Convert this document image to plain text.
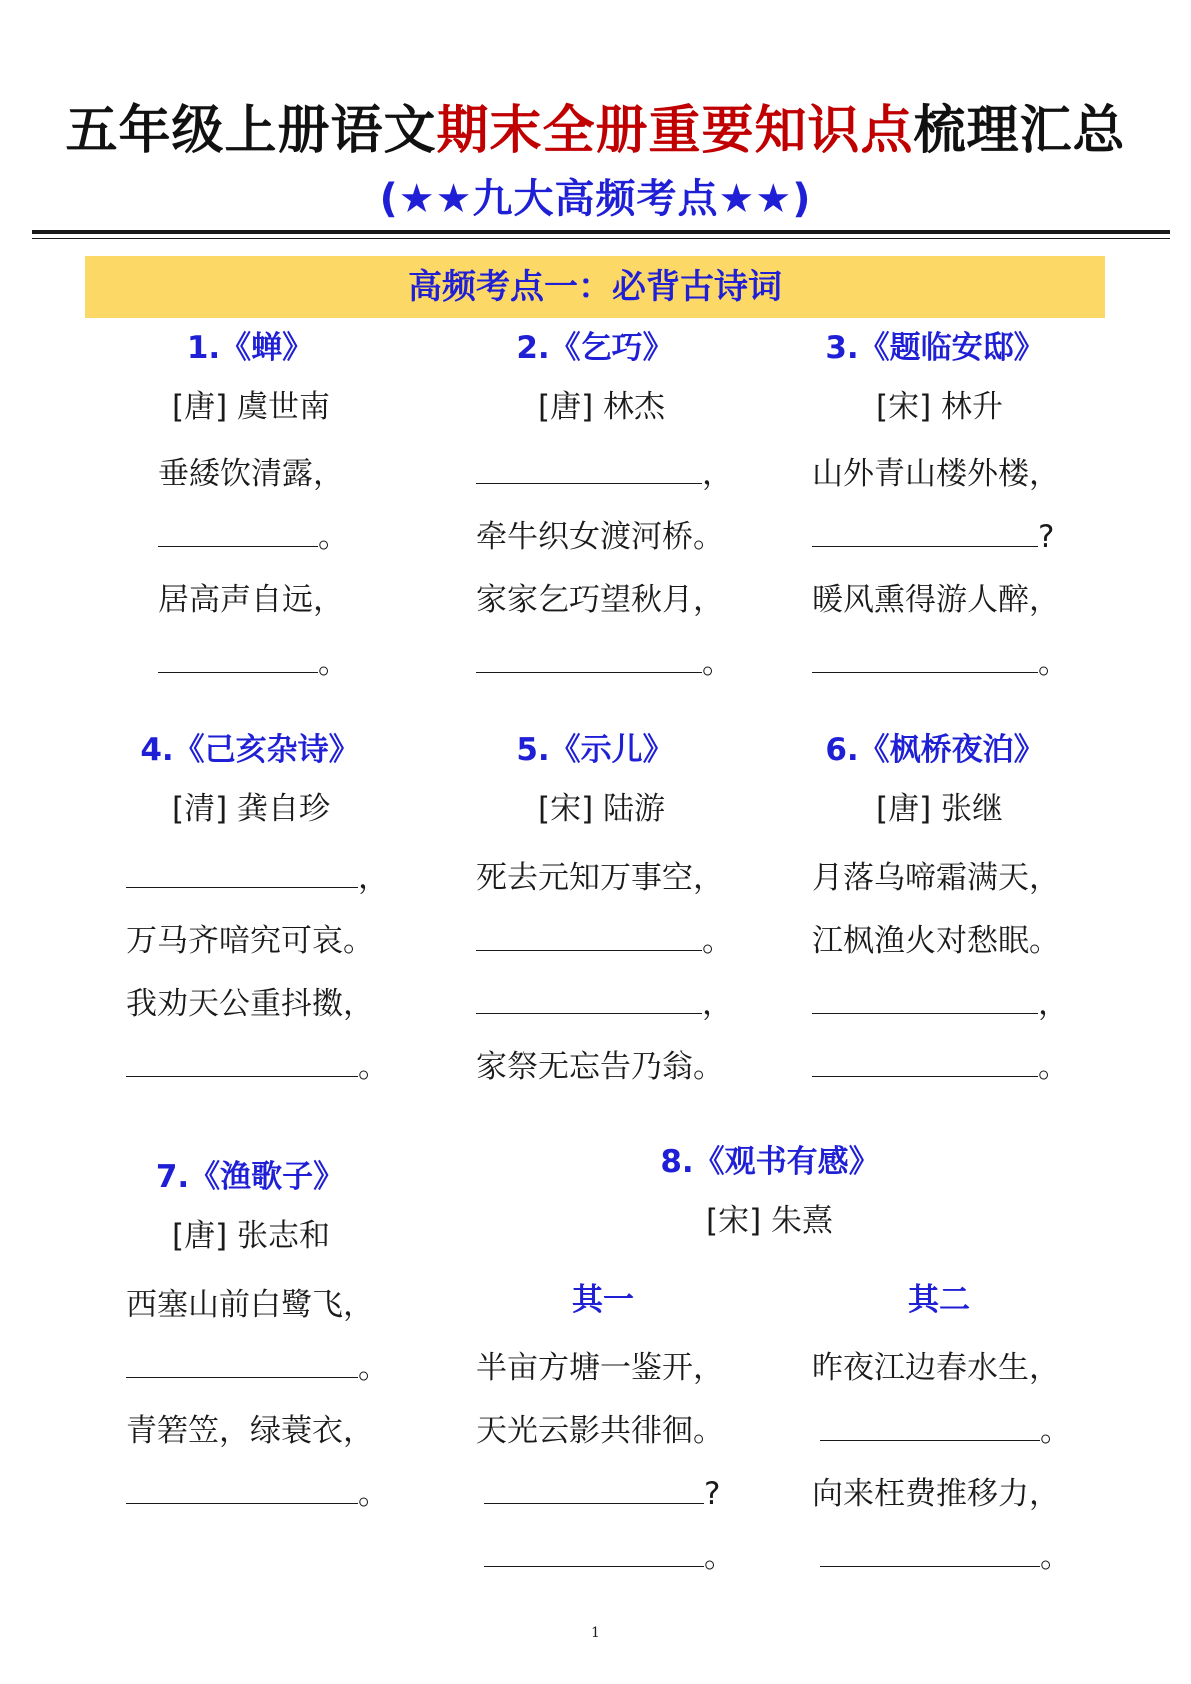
五年级上册语文期末全册重要知识点梳理汇总
(★★九大高频考点★★)
高频考点一：必背古诗词
1.《蝉》
[唐] 虞世南
垂緌饮清露，
。
居高声自远，
。
2.《乞巧》
[唐] 林杰
，
牵牛织女渡河桥。
家家乞巧望秋月，
。
3.《题临安邸》
[宋] 林升
山外青山楼外楼，
?
暖风熏得游人醉，
。
4.《己亥杂诗》
[清] 龚自珍
，
万马齐喑究可哀。
我劝天公重抖擞，
。
5.《示儿》
[宋] 陆游
死去元知万事空，
。
，
家祭无忘告乃翁。
6.《枫桥夜泊》
[唐] 张继
月落乌啼霜满天，
江枫渔火对愁眠。
，
。
7.《渔歌子》
[唐] 张志和
西塞山前白鹭飞，
。
青箬笠，绿蓑衣，
。
8.《观书有感》
[宋] 朱熹
其一
半亩方塘一鉴开，
天光云影共徘徊。
?
。
其二
昨夜江边春水生，
。
向来枉费推移力，
。
1
